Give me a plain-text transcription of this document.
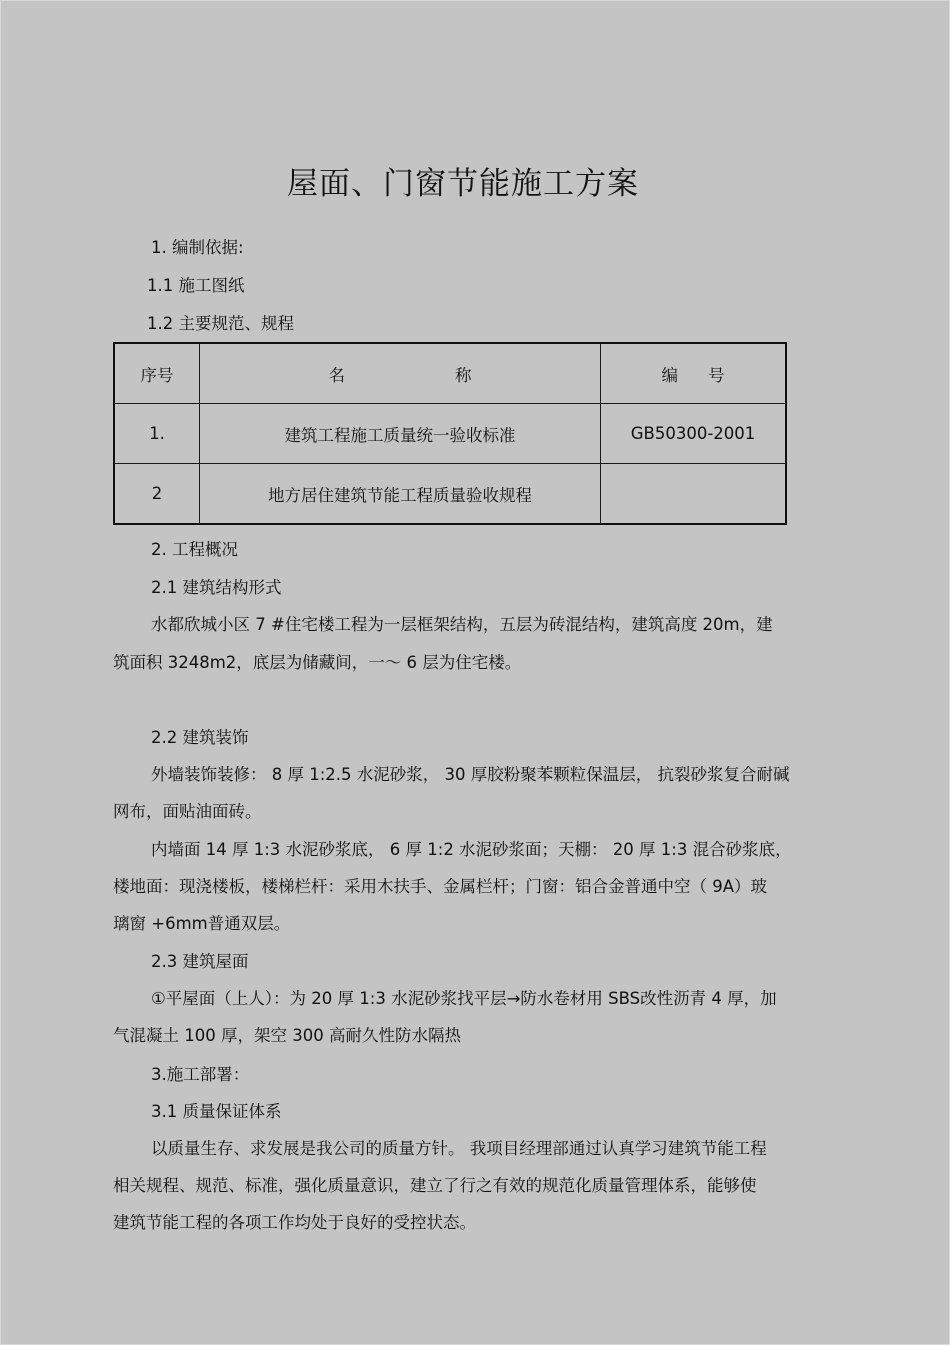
屋面、门窗节能施工方案
1. 编制依据:
1.1 施工图纸
1.2 主要规范、规程
序号	名 称	编 号
1.	建筑工程施工质量统一验收标准	GB50300-2001
2	地方居住建筑节能工程质量验收规程	
2. 工程概况
2.1 建筑结构形式
水都欣城小区 7 #住宅楼工程为一层框架结构，五层为砖混结构，建筑高度 20m，建
筑面积 3248m2，底层为储藏间，一～ 6 层为住宅楼。
2.2 建筑装饰
外墙装饰装修： 8 厚 1:2.5 水泥砂浆， 30 厚胶粉聚苯颗粒保温层， 抗裂砂浆复合耐碱
网布，面贴油面砖。
内墙面 14 厚 1:3 水泥砂浆底， 6 厚 1:2 水泥砂浆面；天棚： 20 厚 1:3 混合砂浆底，
楼地面：现浇楼板，楼梯栏杆：采用木扶手、金属栏杆；门窗：铝合金普通中空（ 9A）玻
璃窗 +6mm普通双层。
2.3 建筑屋面
①平屋面（上人）：为 20 厚 1:3 水泥砂浆找平层→防水卷材用 SBS改性沥青 4 厚，加
气混凝土 100 厚，架空 300 高耐久性防水隔热
3.施工部署：
3.1 质量保证体系
以质量生存、求发展是我公司的质量方针。 我项目经理部通过认真学习建筑节能工程
相关规程、规范、标准，强化质量意识，建立了行之有效的规范化质量管理体系，能够使
建筑节能工程的各项工作均处于良好的受控状态。
